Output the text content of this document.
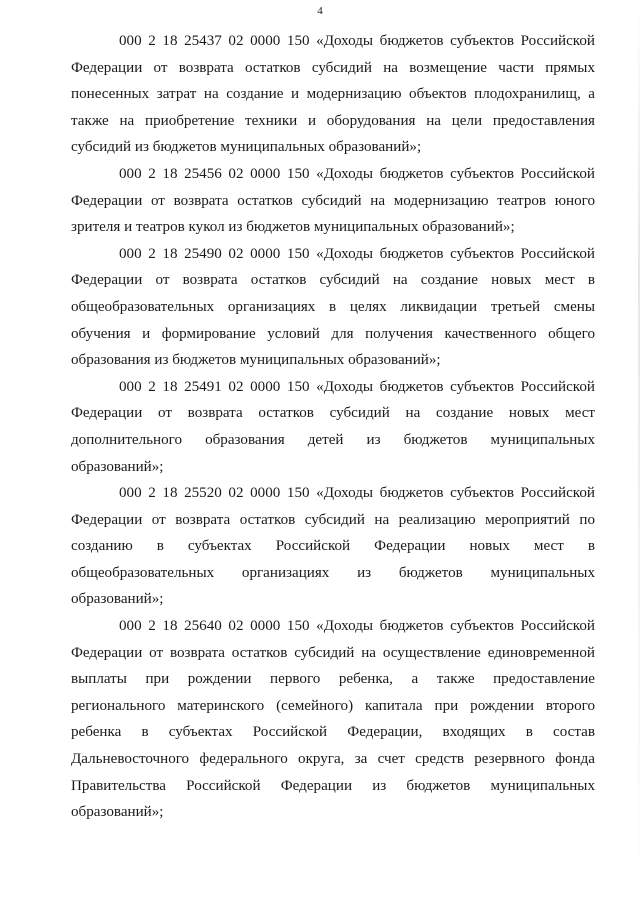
4

000 2 18 25437 02 0000 150 «Доходы бюджетов субъектов Российской
Федерации от возврата остатков субсидий на возмещение части прямых
понесенных затрат на создание и модернизацию объектов плодохранилищ, а
также на приобретение техники и оборудования на цели предоставления
субсидий из бюджетов муниципальных образований»;

000 2 18 25456 02 0000 150 «Доходы бюджетов субъектов Российской
Федерации от возврата остатков субсидий на модернизацию театров юного
зрителя и театров кукол из бюджетов муниципальных образований»;

000 2 18 25490 02 0000 150 «Доходы бюджетов субъектов Российской
Федерации от возврата остатков субсидий на создание новых мест в
общеобразовательных организациях в целях ликвидации третьей смены
обучения и формирование условий для получения качественного общего
образования из бюджетов муниципальных образований»;

000 2 18 25491 02 0000 150 «Доходы бюджетов субъектов Российской
Федерации от возврата остатков субсидий на создание новых мест
дополнительного образования детей из бюджетов муниципальных
образований»;

000 2 18 25520 02 0000 150 «Доходы бюджетов субъектов Российской
Федерации от возврата остатков субсидий на реализацию мероприятий по
созданию в субъектах Российской Федерации новых мест в
общеобразовательных организациях из бюджетов муниципальных
образований»;

000 2 18 25640 02 0000 150 «Доходы бюджетов субъектов Российской
Федерации от возврата остатков субсидий на осуществление единовременной
выплаты при рождении первого ребенка, а также предоставление
регионального материнского (семейного) капитала при рождении второго
ребенка в субъектах Российской Федерации, входящих в состав
Дальневосточного федерального округа, за счет средств резервного фонда
Правительства Российской Федерации из бюджетов муниципальных
образований»;
